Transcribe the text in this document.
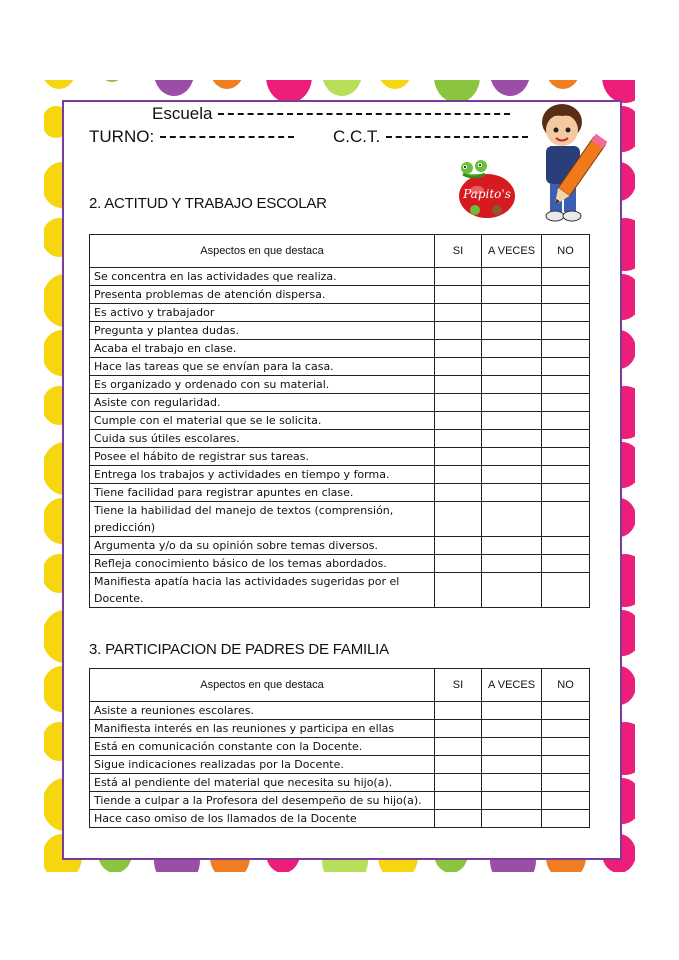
Escuela
TURNO:	C.C.T.
Papito's
2. ACTITUD Y TRABAJO ESCOLAR
Aspectos en que destaca	SI	A VECES	NO
Se concentra en las actividades que realiza.			
Presenta problemas de atención dispersa.			
Es activo y trabajador			
Pregunta y plantea dudas.			
Acaba el trabajo en clase.			
Hace las tareas que se envían para la casa.			
Es organizado y ordenado con su material.			
Asiste con regularidad.			
Cumple con el material que se le solicita.			
Cuida sus útiles escolares.			
Posee el hábito de registrar sus tareas.			
Entrega los trabajos y actividades en tiempo y forma.			
Tiene facilidad para registrar apuntes en clase.			
Tiene la habilidad del manejo de textos (comprensión, predicción)			
Argumenta y/o da su opinión sobre temas diversos.			
Refleja conocimiento básico de los temas abordados.			
Manifiesta apatía hacia las actividades sugeridas por el Docente.			
3. PARTICIPACION DE PADRES DE FAMILIA
Aspectos en que destaca	SI	A VECES	NO
Asiste a reuniones escolares.			
Manifiesta interés en las reuniones y participa en ellas			
Está en comunicación constante con la Docente.			
Sigue indicaciones realizadas por la Docente.			
Está al pendiente del material que necesita su hijo(a).			
Tiende a culpar a la Profesora del desempeño de su hijo(a).			
Hace caso omiso de los llamados de la Docente			
